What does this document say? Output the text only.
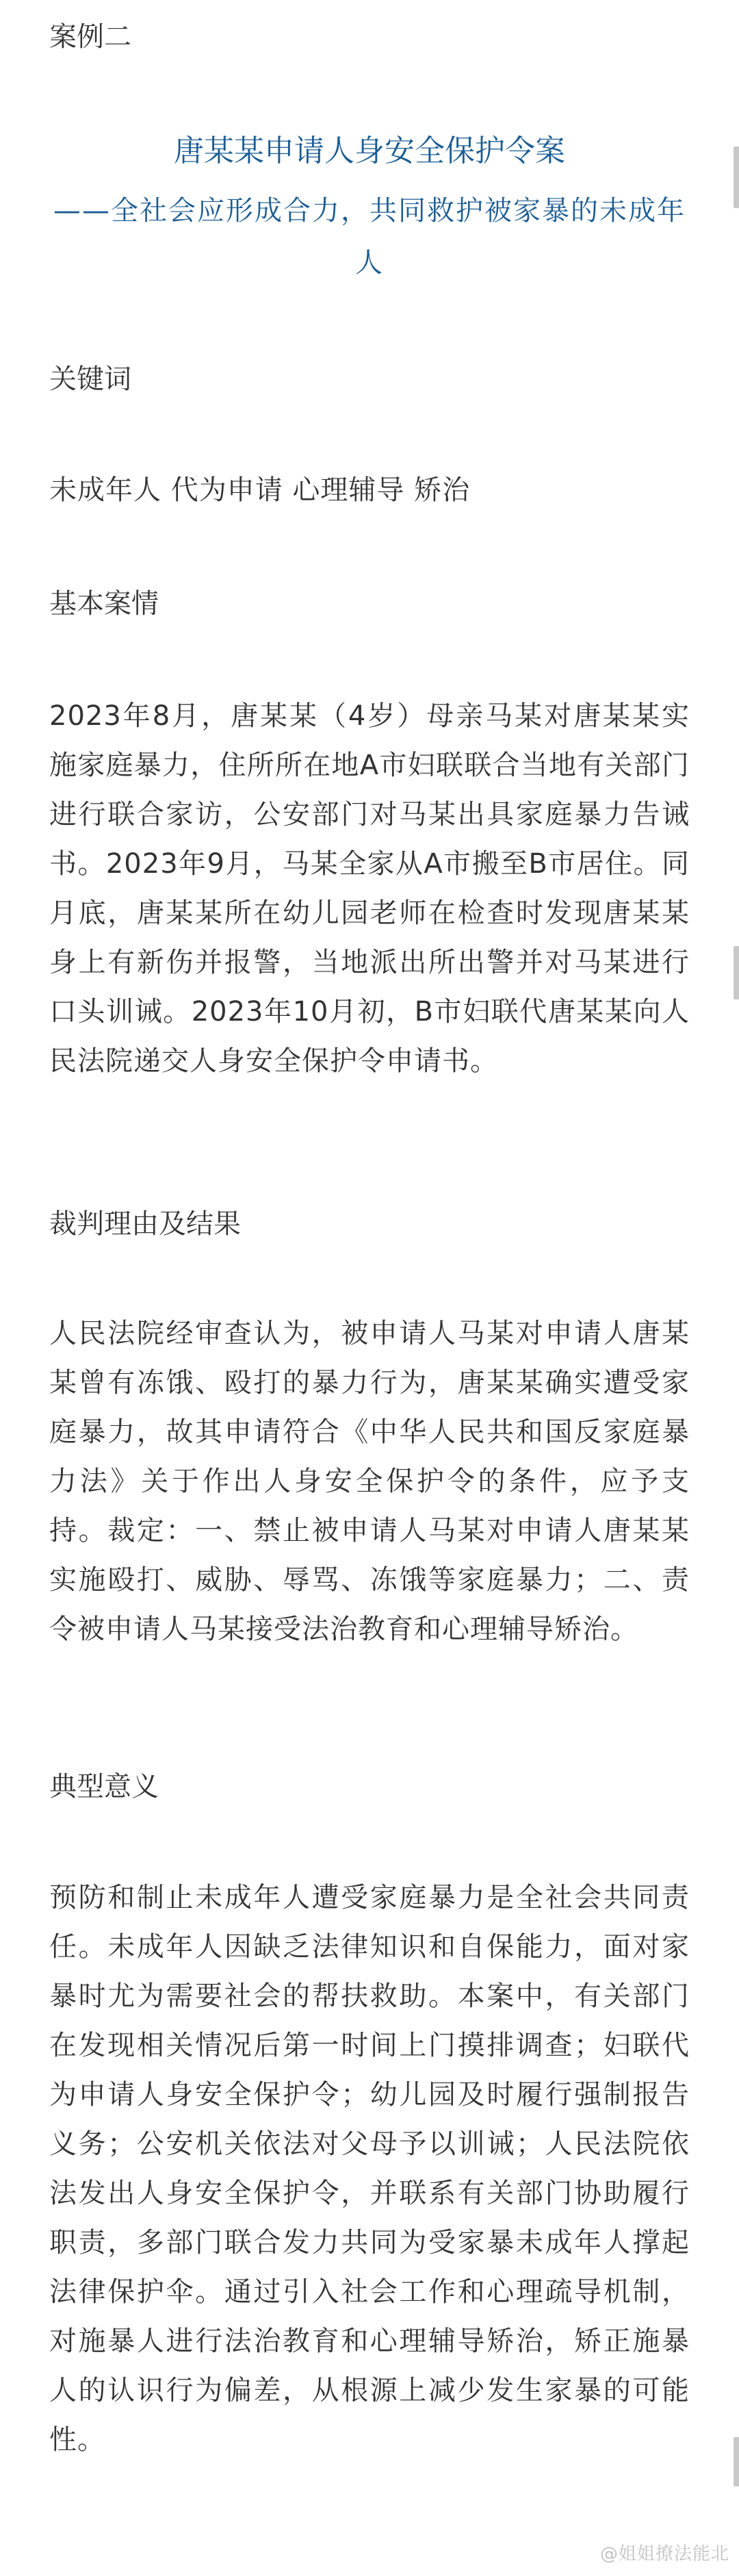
案例二
唐某某申请人身安全保护令案
——全社会应形成合力，共同救护被家暴的未成年人
关键词
未成年人 代为申请 心理辅导 矫治
基本案情
2023年8月，唐某某（4岁）母亲马某对唐某某实施家庭暴力，住所所在地A市妇联联合当地有关部门进行联合家访，公安部门对马某出具家庭暴力告诫书。2023年9月，马某全家从A市搬至B市居住。同月底，唐某某所在幼儿园老师在检查时发现唐某某身上有新伤并报警，当地派出所出警并对马某进行口头训诫。2023年10月初，B市妇联代唐某某向人民法院递交人身安全保护令申请书。
裁判理由及结果
人民法院经审查认为，被申请人马某对申请人唐某某曾有冻饿、殴打的暴力行为，唐某某确实遭受家庭暴力，故其申请符合《中华人民共和国反家庭暴力法》关于作出人身安全保护令的条件，应予支持。裁定：一、禁止被申请人马某对申请人唐某某实施殴打、威胁、辱骂、冻饿等家庭暴力；二、责令被申请人马某接受法治教育和心理辅导矫治。
典型意义
预防和制止未成年人遭受家庭暴力是全社会共同责任。未成年人因缺乏法律知识和自保能力，面对家暴时尤为需要社会的帮扶救助。本案中，有关部门在发现相关情况后第一时间上门摸排调查；妇联代为申请人身安全保护令；幼儿园及时履行强制报告义务；公安机关依法对父母予以训诫；人民法院依法发出人身安全保护令，并联系有关部门协助履行职责，多部门联合发力共同为受家暴未成年人撑起法律保护伞。通过引入社会工作和心理疏导机制，对施暴人进行法治教育和心理辅导矫治，矫正施暴人的认识行为偏差，从根源上减少发生家暴的可能性。
@姐姐撩法能北
